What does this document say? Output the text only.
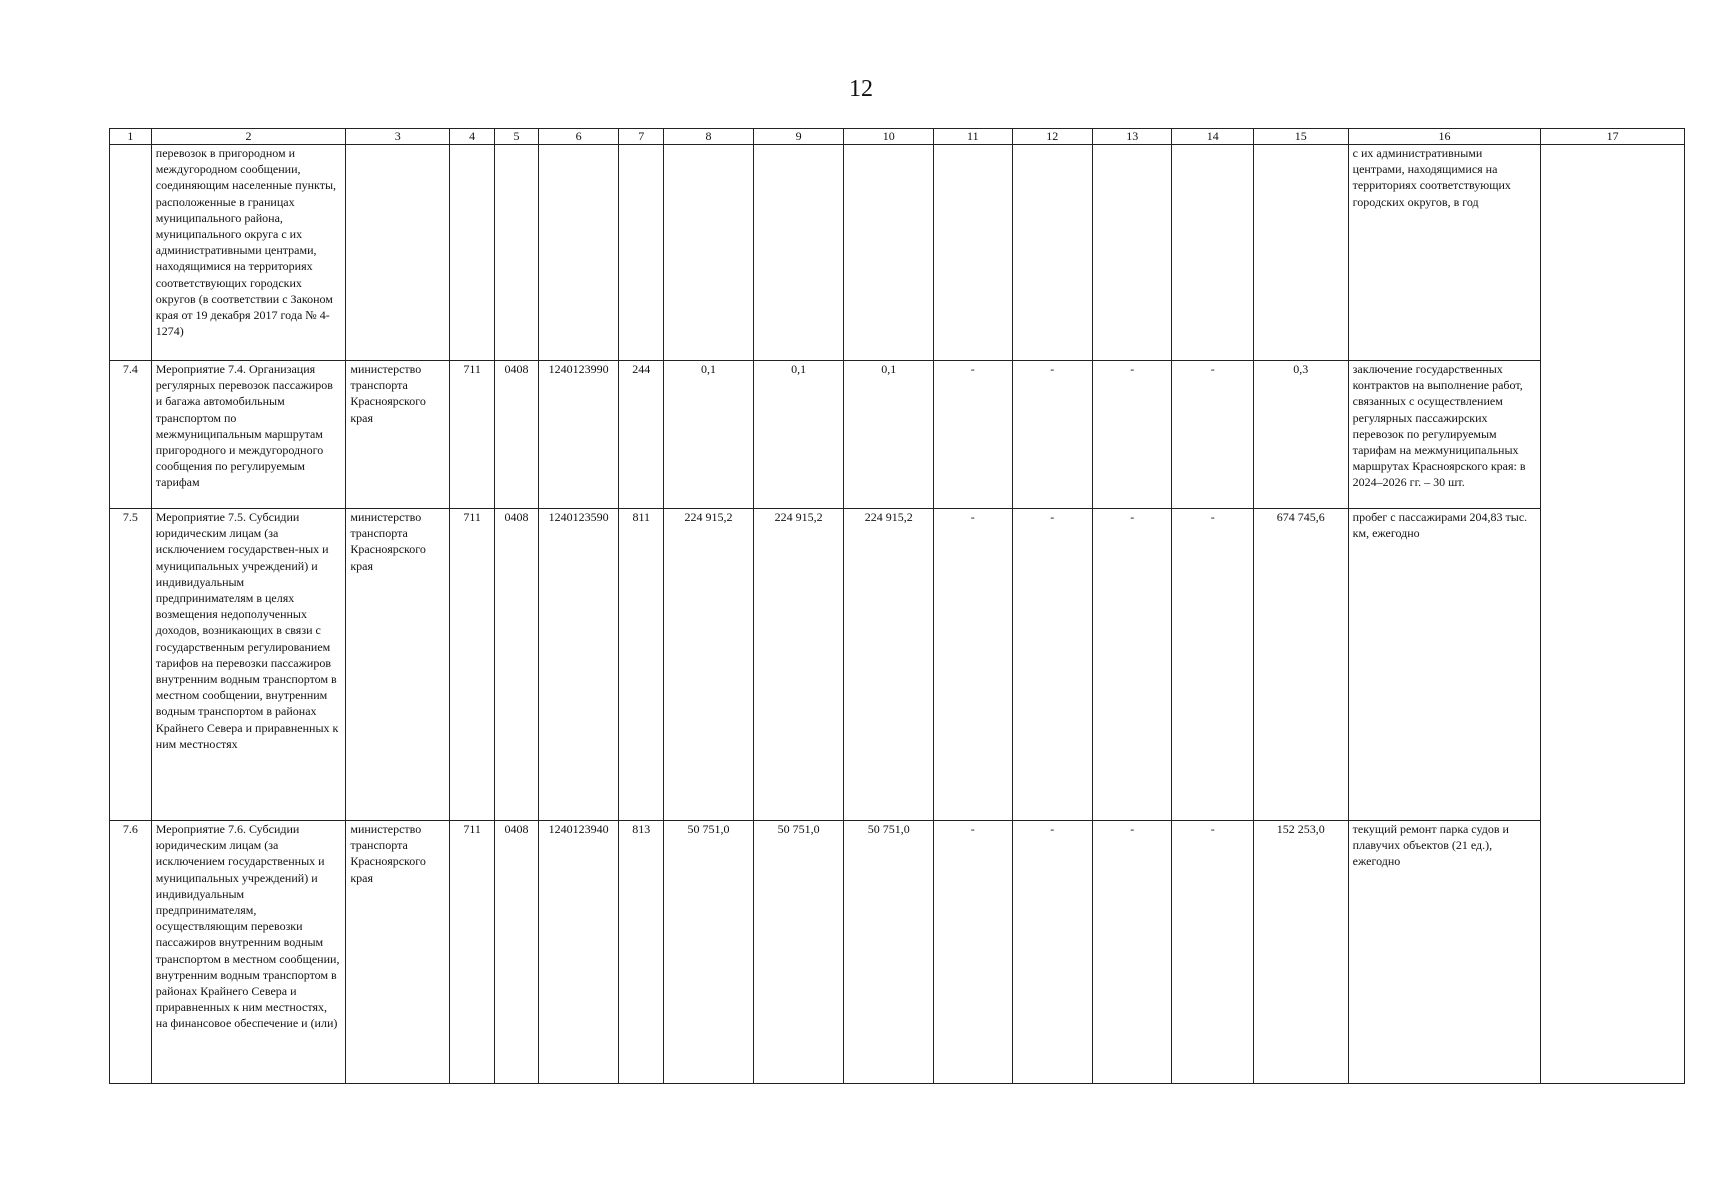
12
1	2	3	4	5	6	7	8	9	10	11	12	13	14	15	16	17
	перевозок в пригородном и междугородном сообщении, соединяющим населенные пункты, расположенные в границах муниципального района, муниципального округа с их административными центрами, находящимися на территориях соответствующих городских округов (в соответствии с Законом края от 19 декабря 2017 года № 4-1274)														с их административными центрами, находящимися на территориях соответствующих городских округов, в год	
7.4	Мероприятие 7.4. Организация регулярных перевозок пассажиров и багажа автомобильным транспортом по межмуниципальным маршрутам пригородного и междугородного сообщения по регулируемым тарифам	министерство транспорта Красноярского края	711	0408	1240123990	244	0,1	0,1	0,1	-	-	-	-	0,3	заключение государственных контрактов на выполнение работ, связанных с осуществлением регулярных пассажирских перевозок по регулируемым тарифам на межмуниципальных маршрутах Красноярского края: в 2024–2026 гг. – 30 шт.	
7.5	Мероприятие 7.5. Субсидии юридическим лицам (за исключением государствен-ных и муниципальных учреждений) и индивидуальным предпринимателям в целях возмещения недополученных доходов, возникающих в связи с государственным регулированием тарифов на перевозки пассажиров внутренним водным транспортом в местном сообщении, внутренним водным транспортом в районах Крайнего Севера и приравненных к ним местностях	министерство транспорта Красноярского края	711	0408	1240123590	811	224 915,2	224 915,2	224 915,2	-	-	-	-	674 745,6	пробег с пассажирами 204,83 тыс. км, ежегодно	
7.6	Мероприятие 7.6. Субсидии юридическим лицам (за исключением государственных и муниципальных учреждений) и индивидуальным предпринимателям, осуществляющим перевозки пассажиров внутренним водным транспортом в местном сообщении, внутренним водным транспортом в районах Крайнего Севера и приравненных к ним местностях, на финансовое обеспечение и (или)	министерство транспорта Красноярского края	711	0408	1240123940	813	50 751,0	50 751,0	50 751,0	-	-	-	-	152 253,0	текущий ремонт парка судов и плавучих объектов (21 ед.), ежегодно	
